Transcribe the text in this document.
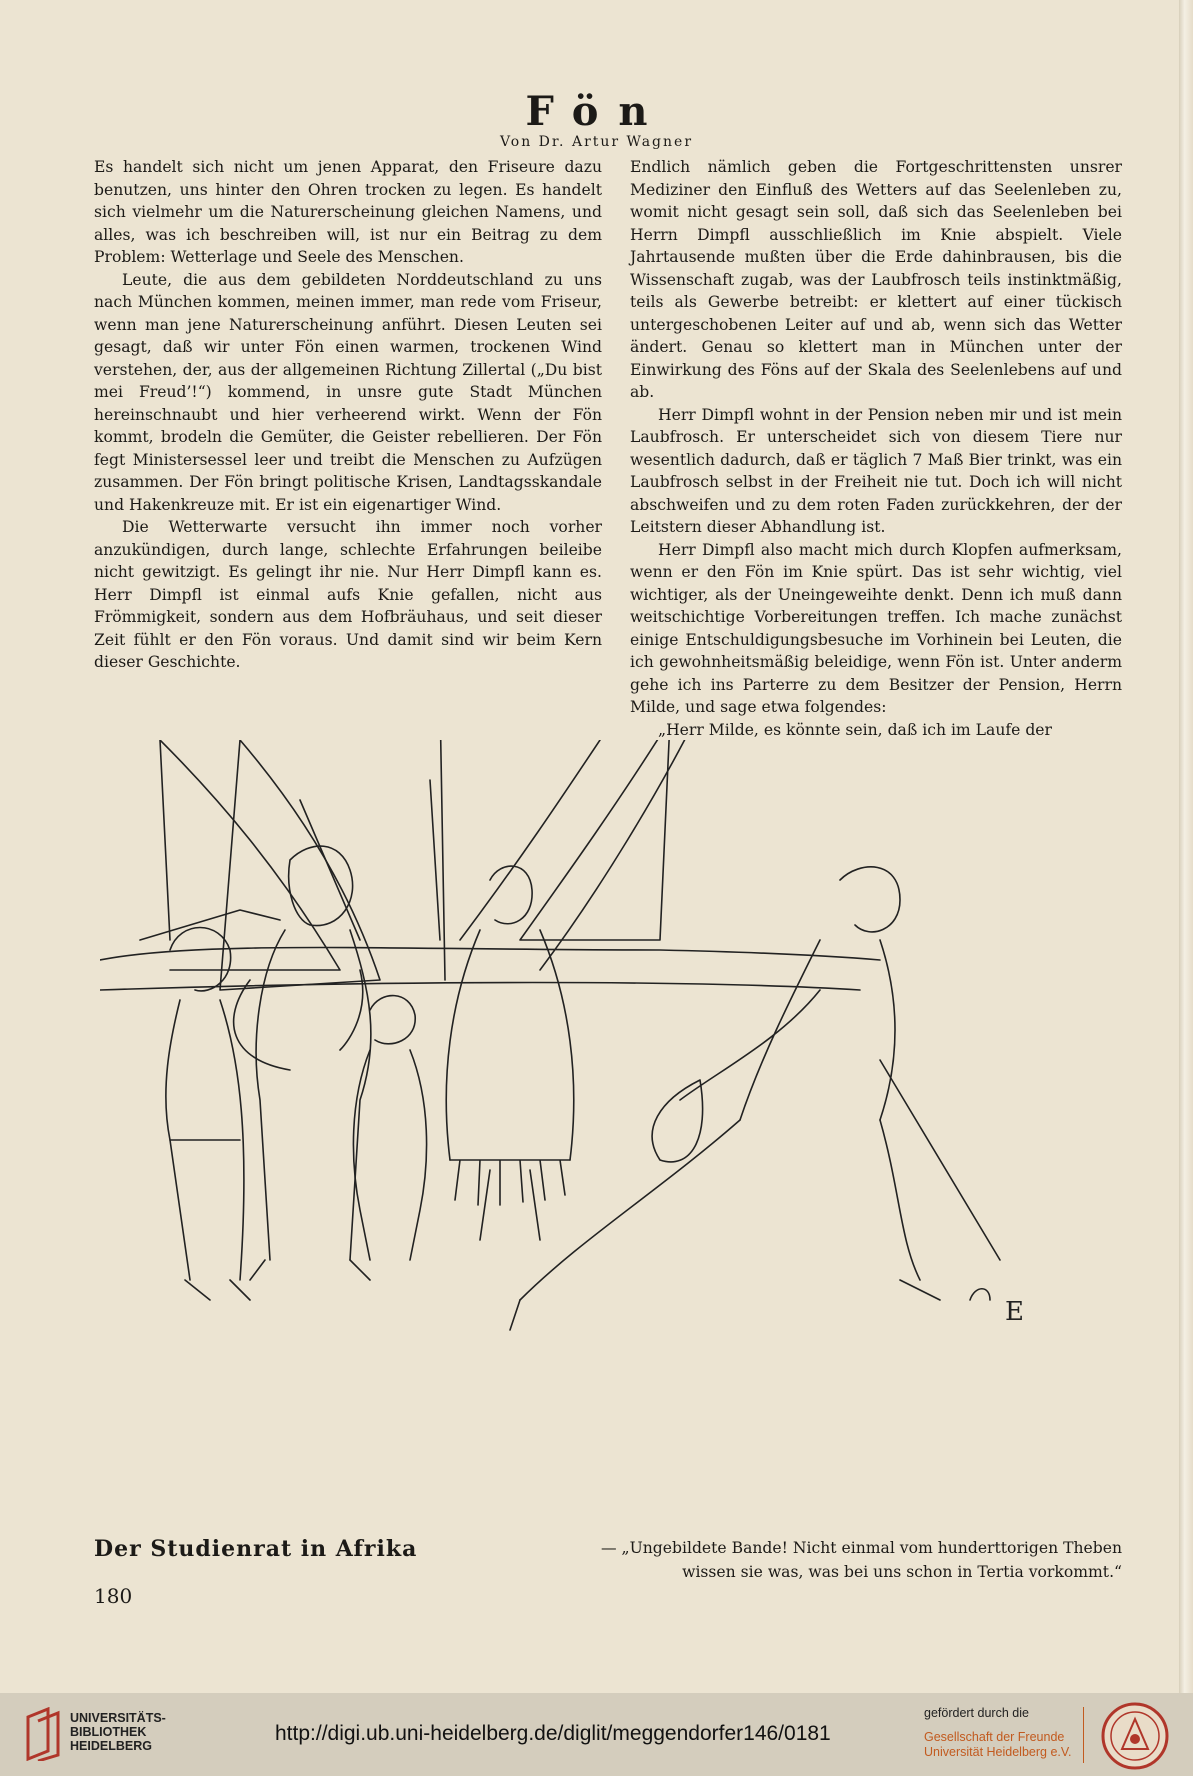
Fön
Von Dr. Artur Wagner

Es handelt sich nicht um jenen Apparat, den Friseure dazu benutzen, uns hinter den Ohren trocken zu legen. Es handelt sich vielmehr um die Naturerscheinung gleichen Namens, und alles, was ich beschreiben will, ist nur ein Beitrag zu dem Problem: Wetterlage und Seele des Menschen.

Leute, die aus dem gebildeten Norddeutschland zu uns nach München kommen, meinen immer, man rede vom Friseur, wenn man jene Naturerscheinung anführt. Diesen Leuten sei gesagt, daß wir unter Fön einen warmen, trockenen Wind verstehen, der, aus der allgemeinen Richtung Zillertal („Du bist mei Freud’!“) kommend, in unsre gute Stadt München hereinschnaubt und hier verheerend wirkt. Wenn der Fön kommt, brodeln die Gemüter, die Geister rebellieren. Der Fön fegt Ministersessel leer und treibt die Menschen zu Aufzügen zusammen. Der Fön bringt politische Krisen, Landtagsskandale und Hakenkreuze mit. Er ist ein eigenartiger Wind.

Die Wetterwarte versucht ihn immer noch vorher anzukündigen, durch lange, schlechte Erfahrungen beileibe nicht gewitzigt. Es gelingt ihr nie. Nur Herr Dimpfl kann es. Herr Dimpfl ist einmal aufs Knie gefallen, nicht aus Frömmigkeit, sondern aus dem Hofbräuhaus, und seit dieser Zeit fühlt er den Fön voraus. Und damit sind wir beim Kern dieser Geschichte.

Endlich nämlich geben die Fortgeschrittensten unsrer Mediziner den Einfluß des Wetters auf das Seelenleben zu, womit nicht gesagt sein soll, daß sich das Seelenleben bei Herrn Dimpfl ausschließlich im Knie abspielt. Viele Jahrtausende mußten über die Erde dahinbrausen, bis die Wissenschaft zugab, was der Laubfrosch teils instinktmäßig, teils als Gewerbe betreibt: er klettert auf einer tückisch untergeschobenen Leiter auf und ab, wenn sich das Wetter ändert. Genau so klettert man in München unter der Einwirkung des Föns auf der Skala des Seelenlebens auf und ab.

Herr Dimpfl wohnt in der Pension neben mir und ist mein Laubfrosch. Er unterscheidet sich von diesem Tiere nur wesentlich dadurch, daß er täglich 7 Maß Bier trinkt, was ein Laubfrosch selbst in der Freiheit nie tut. Doch ich will nicht abschweifen und zu dem roten Faden zurückkehren, der der Leitstern dieser Abhandlung ist.

Herr Dimpfl also macht mich durch Klopfen aufmerksam, wenn er den Fön im Knie spürt. Das ist sehr wichtig, viel wichtiger, als der Uneingeweihte denkt. Denn ich muß dann weitschichtige Vorbereitungen treffen. Ich mache zunächst einige Entschuldigungsbesuche im Vorhinein bei Leuten, die ich gewohnheitsmäßig beleidige, wenn Fön ist. Unter anderm gehe ich ins Parterre zu dem Besitzer der Pension, Herrn Milde, und sage etwa folgendes:

„Herr Milde, es könnte sein, daß ich im Laufe der

E
Der Studienrat in Afrika	— „Ungebildete Bande! Nicht einmal vom hunderttorigen Theben wissen sie was, was bei uns schon in Tertia vorkommt.“
180
UNIVERSITÄTS-
BIBLIOTHEK
HEIDELBERG
http://digi.ub.uni-heidelberg.de/diglit/meggendorfer146/0181
gefördert durch die
Gesellschaft der Freunde
Universität Heidelberg e.V.
